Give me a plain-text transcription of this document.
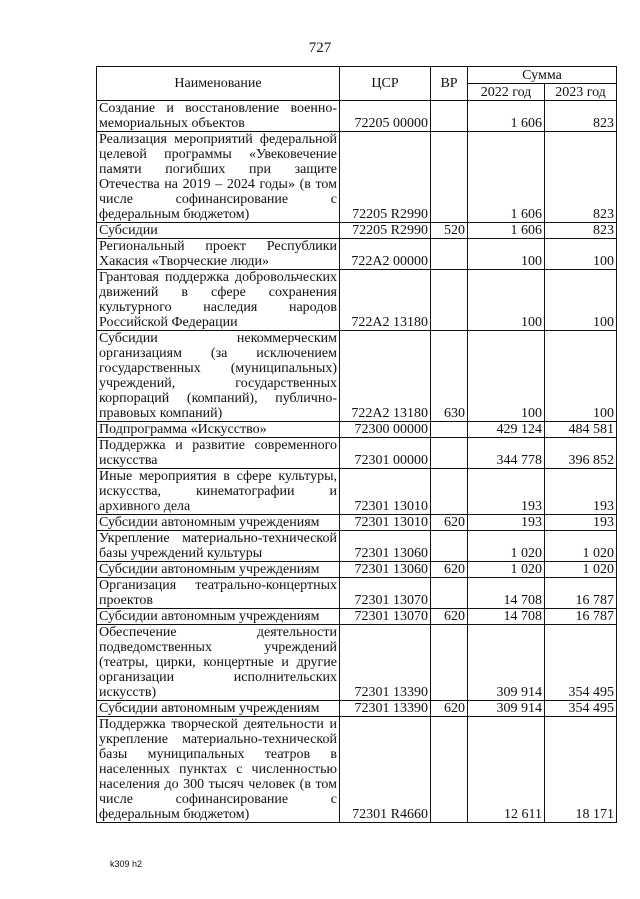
727
Наименование	ЦСР	ВР	Сумма	
			2022 год	2023 год
Создание и восстановление военно-мемориальных объектов	72205 00000		1 606	823
Реализация мероприятий федеральной целевой программы «Увековечение памяти погибших при защите Отечества на 2019 – 2024 годы» (в том числе софинансирование с федеральным бюджетом)	72205 R2990		1 606	823
Субсидии	72205 R2990	520	1 606	823
Региональный проект Республики Хакасия «Творческие люди»	722A2 00000		100	100
Грантовая поддержка добровольческих движений в сфере сохранения культурного наследия народов Российской Федерации	722A2 13180		100	100
Субсидии некоммерческим организациям (за исключением государственных (муниципальных) учреждений, государственных корпораций (компаний), публично-правовых компаний)	722A2 13180	630	100	100
Подпрограмма «Искусство»	72300 00000		429 124	484 581
Поддержка и развитие современного искусства	72301 00000		344 778	396 852
Иные мероприятия в сфере культуры, искусства, кинематографии и архивного дела	72301 13010		193	193
Субсидии автономным учреждениям	72301 13010	620	193	193
Укрепление материально-технической базы учреждений культуры	72301 13060		1 020	1 020
Субсидии автономным учреждениям	72301 13060	620	1 020	1 020
Организация театрально-концертных проектов	72301 13070		14 708	16 787
Субсидии автономным учреждениям	72301 13070	620	14 708	16 787
Обеспечение деятельности подведомственных учреждений (театры, цирки, концертные и другие организации исполнительских искусств)	72301 13390		309 914	354 495
Субсидии автономным учреждениям	72301 13390	620	309 914	354 495
Поддержка творческой деятельности и укрепление материально-технической базы муниципальных театров в населенных пунктах с численностью населения до 300 тысяч человек (в том числе софинансирование с федеральным бюджетом)	72301 R4660		12 611	18 171
k309 h2
